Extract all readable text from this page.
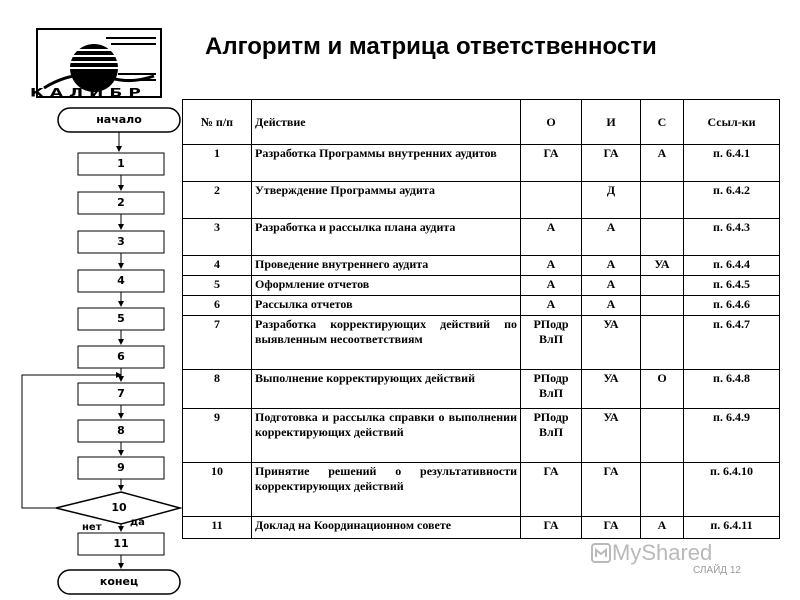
КАЛИБР
Алгоритм и матрица ответственности
начало
1
2
3
4
5
6
7
8
9
10
нет	да
11
конец
№ п/п	Действие	О	И	С	Ссыл-ки
1	Разработка Программы внутренних аудитов	ГА	ГА	А	п. 6.4.1
2	Утверждение Программы аудита		Д		п. 6.4.2
3	Разработка и рассылка плана аудита	А	А		п. 6.4.3
4	Проведение внутреннего аудита	А	А	УА	п. 6.4.4
5	Оформление отчетов	А	А		п. 6.4.5
6	Рассылка отчетов	А	А		п. 6.4.6
7	Разработка корректирующих действий по выявленным несоответствиям	РПодр ВлП	УА		п. 6.4.7
8	Выполнение корректирующих действий	РПодр ВлП	УА	О	п. 6.4.8
9	Подготовка и рассылка справки о выполнении корректирующих действий	РПодр ВлП	УА		п. 6.4.9
10	Принятие решений о результативности корректирующих действий	ГА	ГА		п. 6.4.10
11	Доклад на Координационном совете	ГА	ГА	А	п. 6.4.11
MyShared
СЛАЙД 12
